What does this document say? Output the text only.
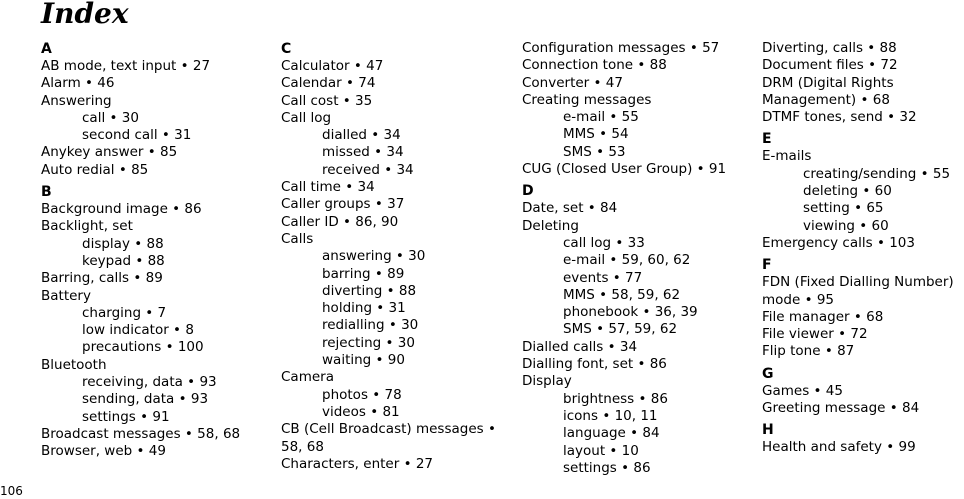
Index
A
AB mode, text input • 27
Alarm • 46
Answering
call • 30
second call • 31
Anykey answer • 85
Auto redial • 85
B
Background image • 86
Backlight, set
display • 88
keypad • 88
Barring, calls • 89
Battery
charging • 7
low indicator • 8
precautions • 100
Bluetooth
receiving, data • 93
sending, data • 93
settings • 91
Broadcast messages • 58, 68
Browser, web • 49
C
Calculator • 47
Calendar • 74
Call cost • 35
Call log
dialled • 34
missed • 34
received • 34
Call time • 34
Caller groups • 37
Caller ID • 86, 90
Calls
answering • 30
barring • 89
diverting • 88
holding • 31
redialling • 30
rejecting • 30
waiting • 90
Camera
photos • 78
videos • 81
CB (Cell Broadcast) messages •
58, 68
Characters, enter • 27
Configuration messages • 57
Connection tone • 88
Converter • 47
Creating messages
e-mail • 55
MMS • 54
SMS • 53
CUG (Closed User Group) • 91
D
Date, set • 84
Deleting
call log • 33
e-mail • 59, 60, 62
events • 77
MMS • 58, 59, 62
phonebook • 36, 39
SMS • 57, 59, 62
Dialled calls • 34
Dialling font, set • 86
Display
brightness • 86
icons • 10, 11
language • 84
layout • 10
settings • 86
Diverting, calls • 88
Document files • 72
DRM (Digital Rights
Management) • 68
DTMF tones, send • 32
E
E-mails
creating/sending • 55
deleting • 60
setting • 65
viewing • 60
Emergency calls • 103
F
FDN (Fixed Dialling Number)
mode • 95
File manager • 68
File viewer • 72
Flip tone • 87
G
Games • 45
Greeting message • 84
H
Health and safety • 99
106
